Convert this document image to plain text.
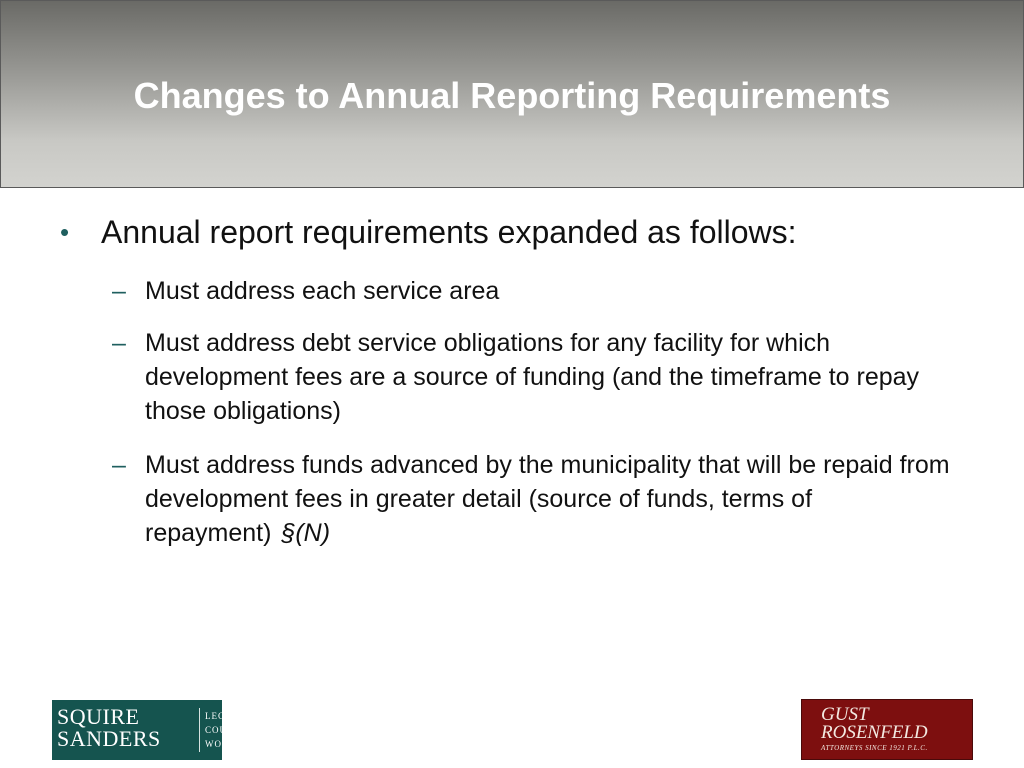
Changes to Annual Reporting Requirements
• Annual report requirements expanded as follows:
– Must address each service area
– Must address debt service obligations for any facility for which development fees are a source of funding (and the timeframe to repay those obligations)
– Must address funds advanced by the municipality that will be repaid from development fees in greater detail (source of funds, terms of repayment) §(N)
SQUIRE
SANDERS
LEGAL
COUNSEL
WORLDWIDE
GUST
ROSENFELD
ATTORNEYS SINCE 1921 P.L.C.
